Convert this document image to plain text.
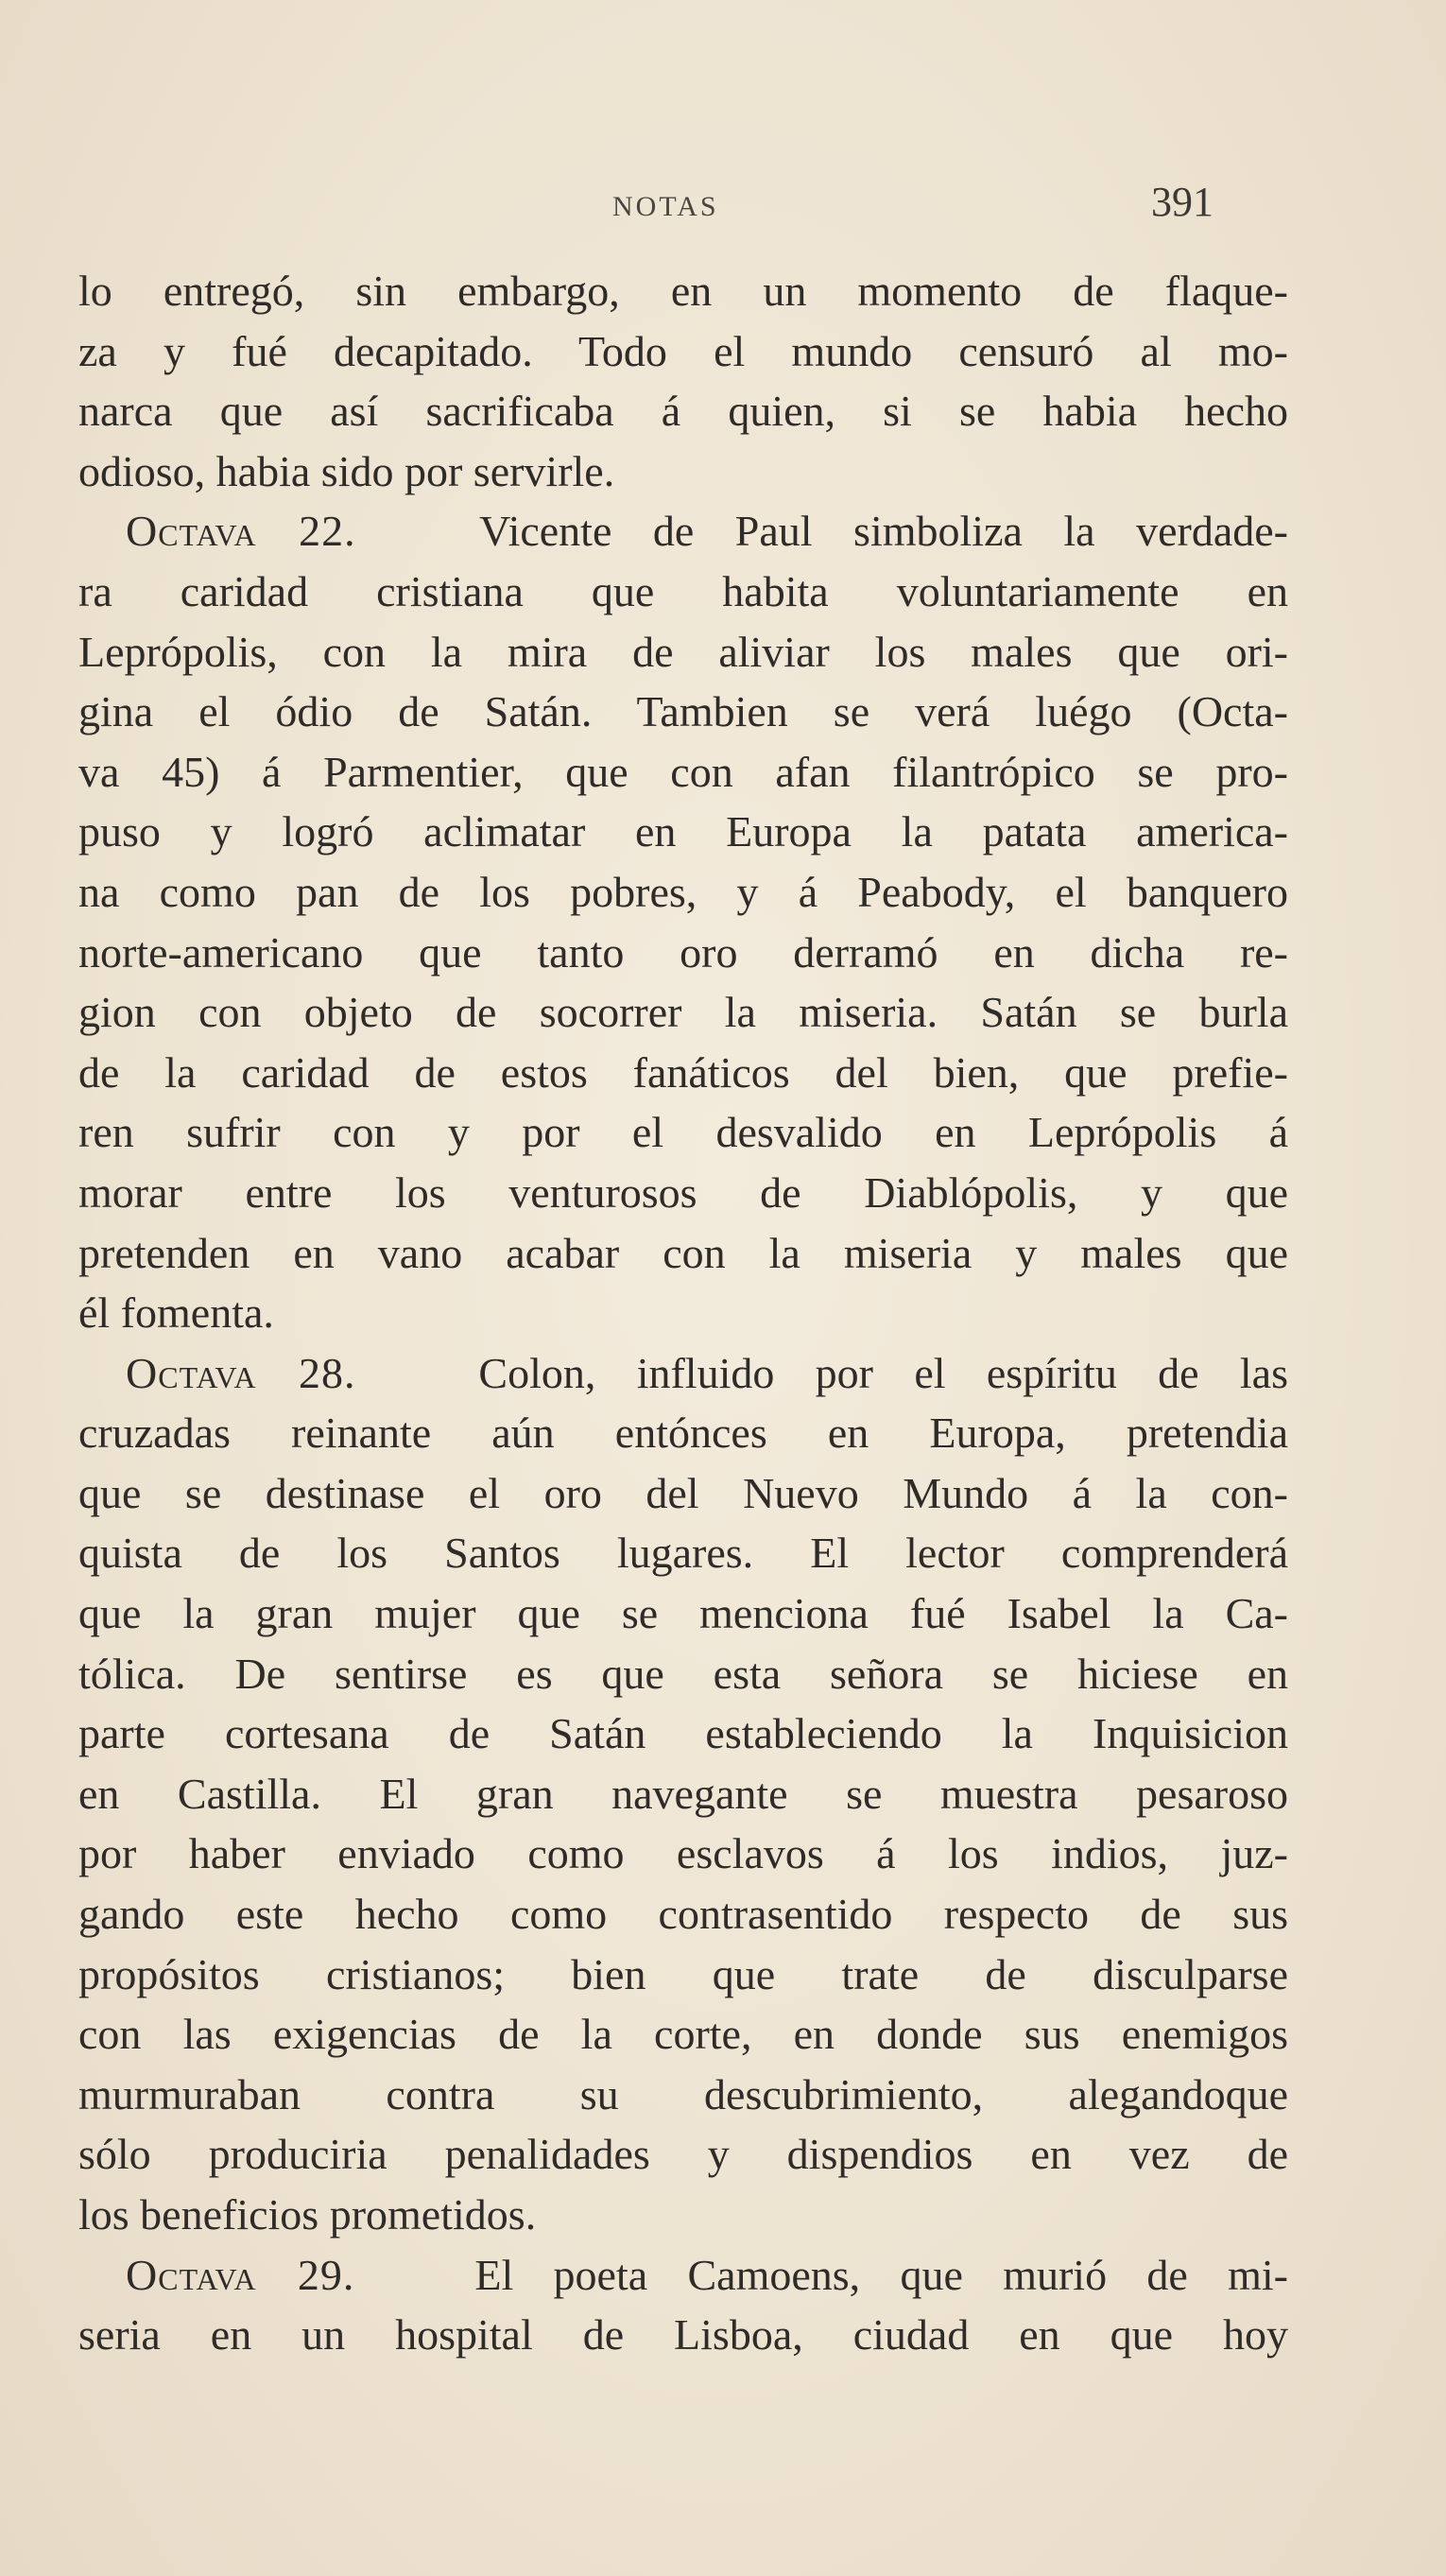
NOTAS	391
lo entregó, sin embargo, en un momento de flaque-
za y fué decapitado. Todo el mundo censuró al mo-
narca que así sacrificaba á quien, si se habia hecho
odioso, habia sido por servirle.
Octava 22.	Vicente de Paul simboliza la verdade-
ra caridad cristiana que habita voluntariamente en
Leprópolis, con la mira de aliviar los males que ori-
gina el ódio de Satán. Tambien se verá luégo (Octa-
va 45) á Parmentier, que con afan filantrópico se pro-
puso y logró aclimatar en Europa la patata america-
na como pan de los pobres, y á Peabody, el banquero
norte-americano que tanto oro derramó en dicha re-
gion con objeto de socorrer la miseria. Satán se burla
de la caridad de estos fanáticos del bien, que prefie-
ren sufrir con y por el desvalido en Leprópolis á
morar entre los venturosos de Diablópolis, y que
pretenden en vano acabar con la miseria y males que
él fomenta.
Octava 28.	Colon, influido por el espíritu de las
cruzadas reinante aún entónces en Europa, pretendia
que se destinase el oro del Nuevo Mundo á la con-
quista de los Santos lugares. El lector comprenderá
que la gran mujer que se menciona fué Isabel la Ca-
tólica. De sentirse es que esta señora se hiciese en
parte cortesana de Satán estableciendo la Inquisicion
en Castilla. El gran navegante se muestra pesaroso
por haber enviado como esclavos á los indios, juz-
gando este hecho como contrasentido respecto de sus
propósitos cristianos; bien que trate de disculparse
con las exigencias de la corte, en donde sus enemigos
murmuraban contra su descubrimiento, alegandoque
sólo produciria penalidades y dispendios en vez de
los beneficios prometidos.
Octava 29.	El poeta Camoens, que murió de mi-
seria en un hospital de Lisboa, ciudad en que hoy
